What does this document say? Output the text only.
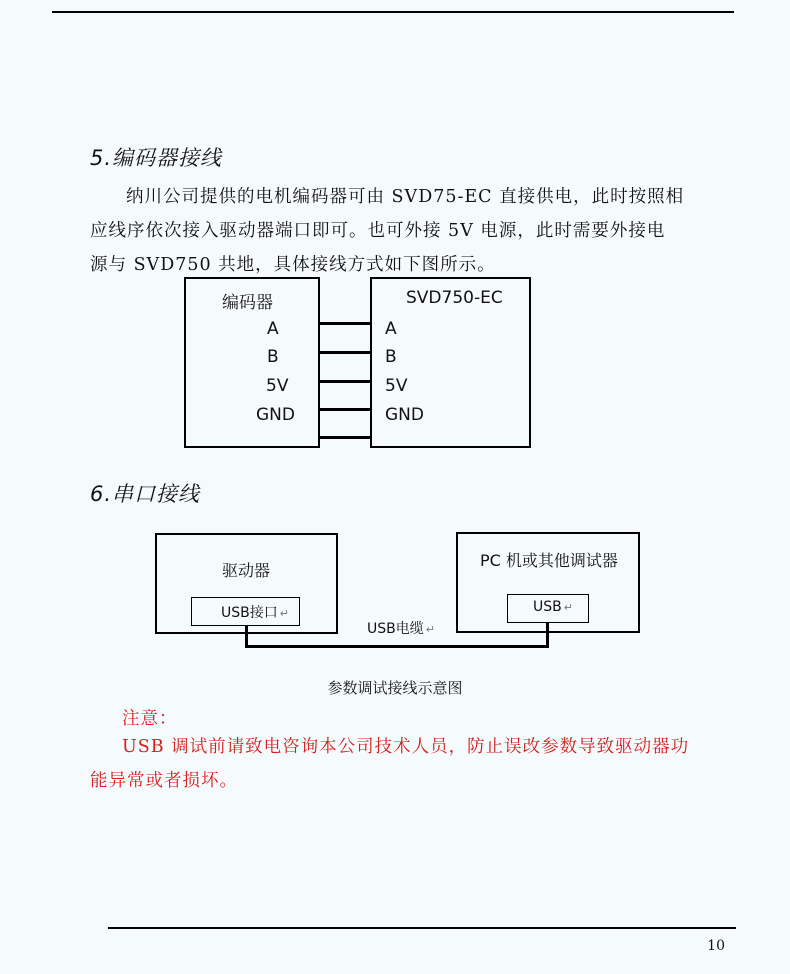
5.编码器接线

纳川公司提供的电机编码器可由 SVD75-EC 直接供电，此时按照相
应线序依次接入驱动器端口即可。也可外接 5V 电源，此时需要外接电
源与 SVD750 共地，具体接线方式如下图所示。

编码器
A
B
5V
GND
SVD750-EC
A
B
5V
GND
6.串口接线
驱动器
USB接口 ↵
PC 机或其他调试器
USB ↵
USB电缆 ↵
参数调试接线示意图
注意：

USB 调试前请致电咨询本公司技术人员，防止误改参数导致驱动器功
能异常或者损坏。

10
